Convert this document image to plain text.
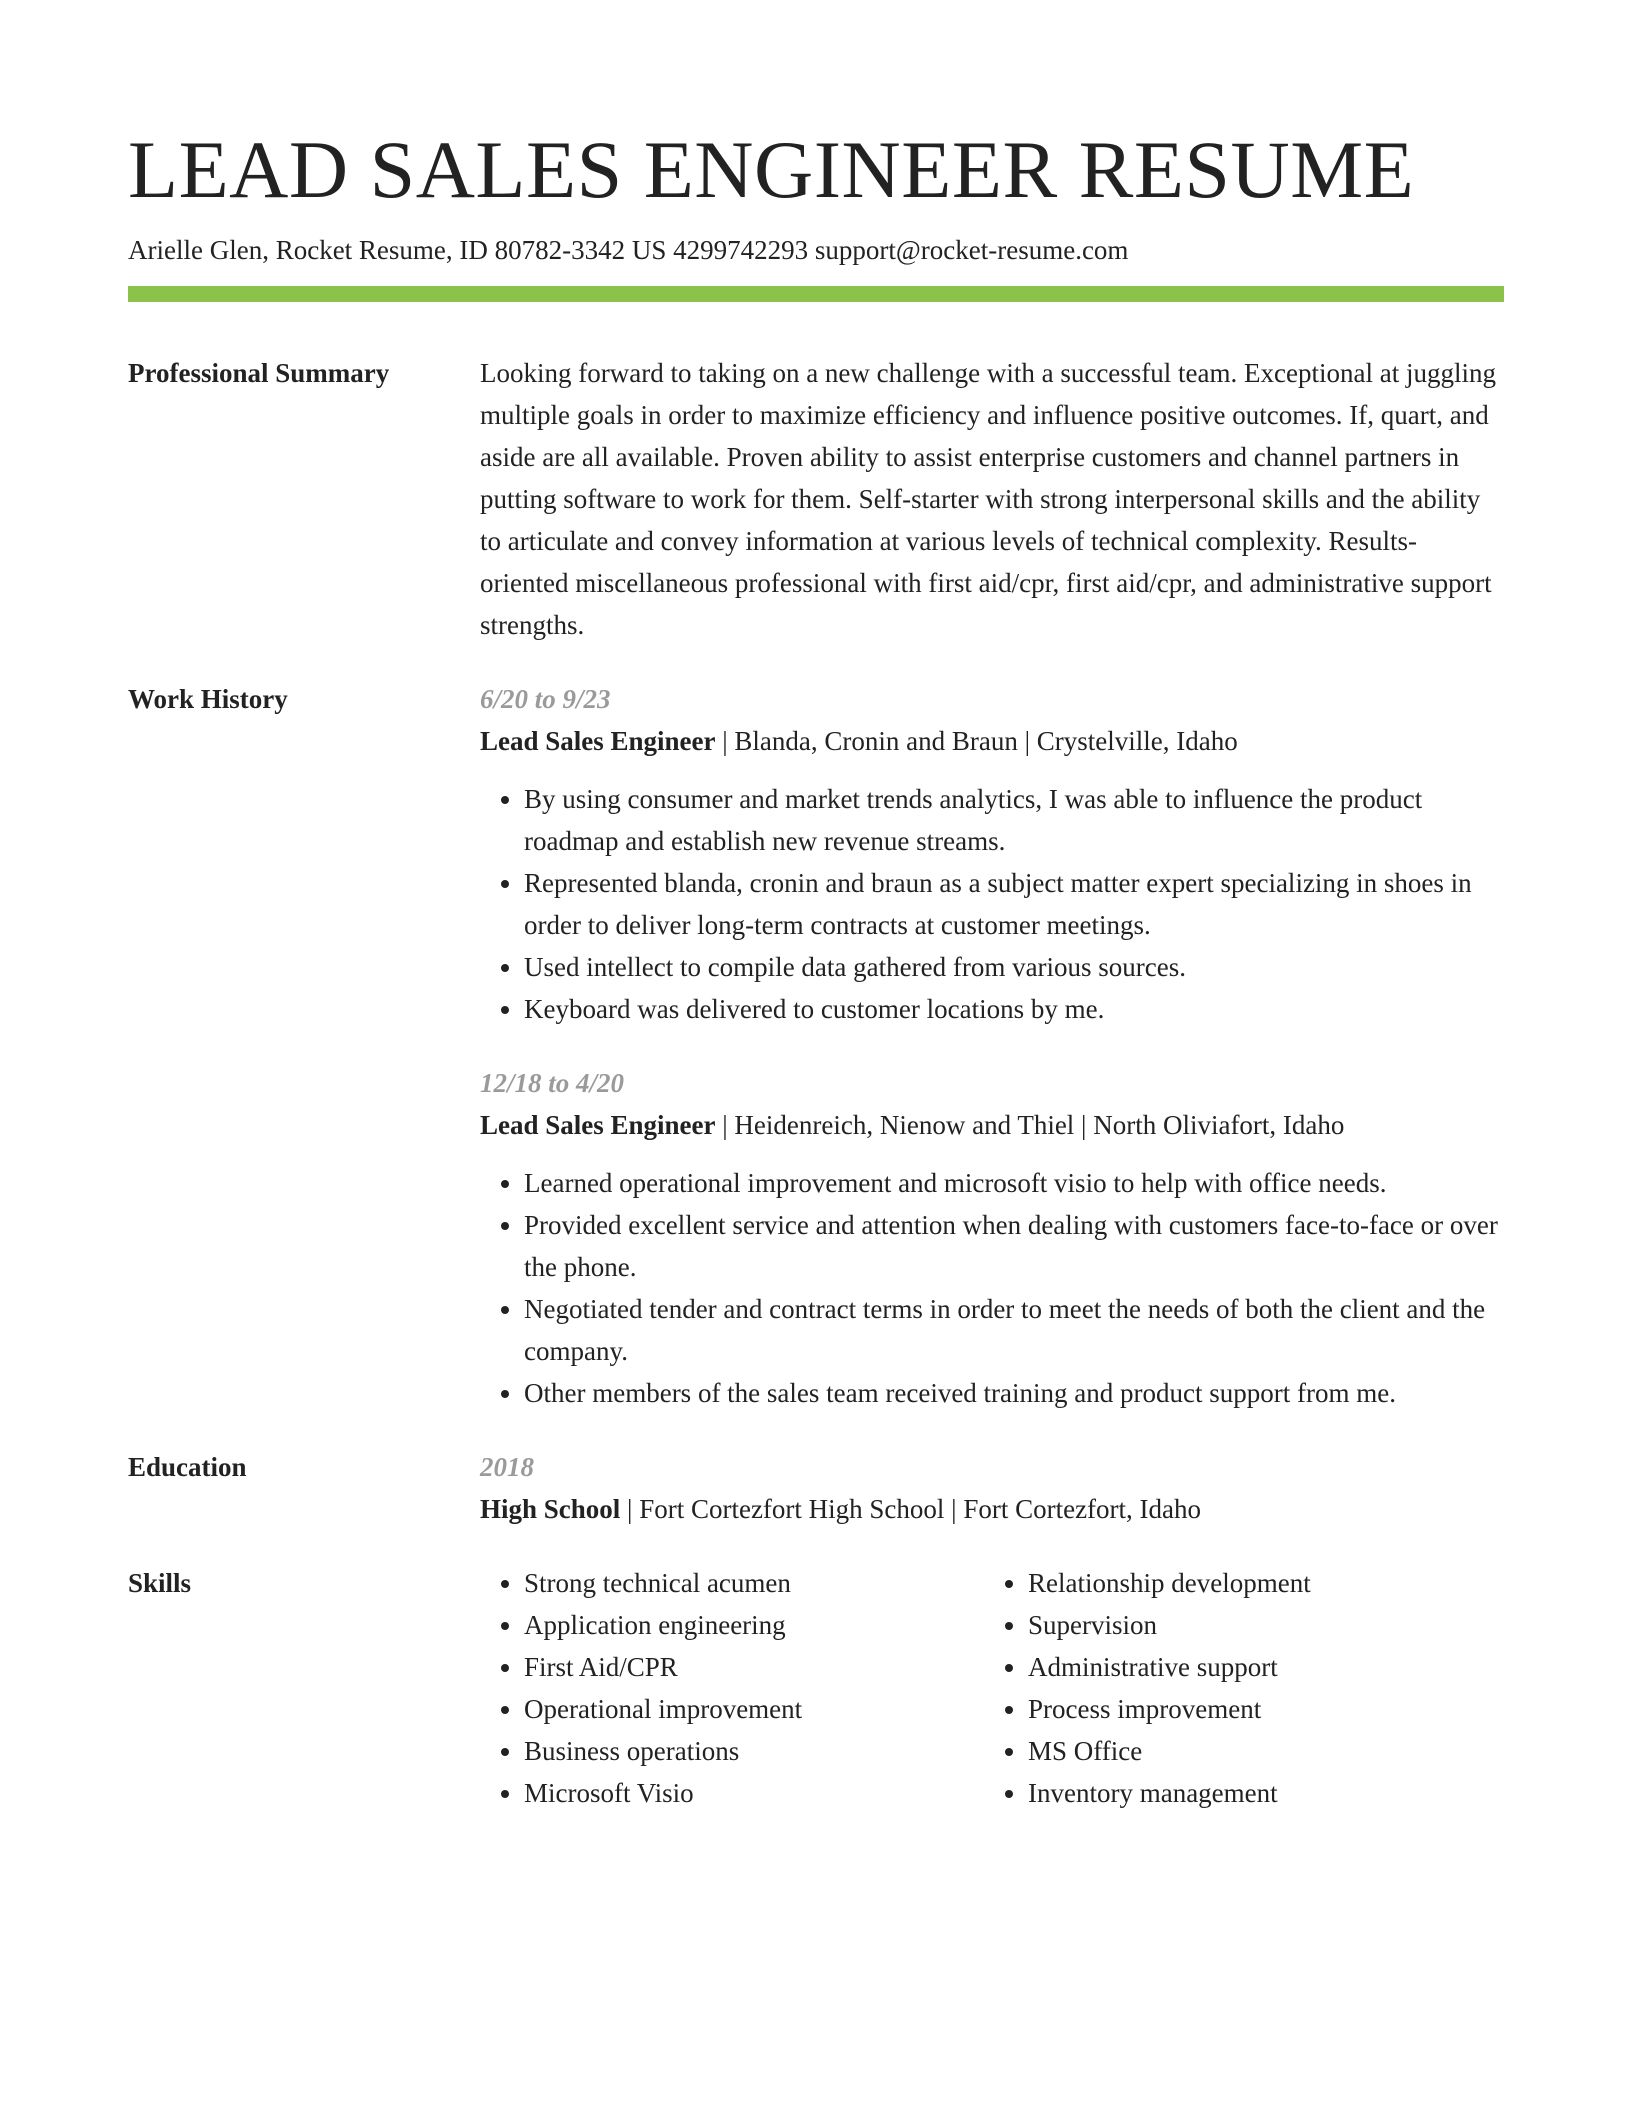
LEAD SALES ENGINEER RESUME
Arielle Glen, Rocket Resume, ID 80782-3342 US 4299742293 support@rocket-resume.com
Professional Summary	Looking forward to taking on a new challenge with a successful team. Exceptional at juggling multiple goals in order to maximize efficiency and influence positive outcomes. If, quart, and aside are all available. Proven ability to assist enterprise customers and channel partners in putting software to work for them. Self-starter with strong interpersonal skills and the ability to articulate and convey information at various levels of technical complexity. Results-oriented miscellaneous professional with first aid/cpr, first aid/cpr, and administrative support strengths.
Work History	6/20 to 9/23
Lead Sales Engineer | Blanda, Cronin and Braun | Crystelville, Idaho
• By using consumer and market trends analytics, I was able to influence the product roadmap and establish new revenue streams.
• Represented blanda, cronin and braun as a subject matter expert specializing in shoes in order to deliver long-term contracts at customer meetings.
• Used intellect to compile data gathered from various sources.
• Keyboard was delivered to customer locations by me.
12/18 to 4/20
Lead Sales Engineer | Heidenreich, Nienow and Thiel | North Oliviafort, Idaho
• Learned operational improvement and microsoft visio to help with office needs.
• Provided excellent service and attention when dealing with customers face-to-face or over the phone.
• Negotiated tender and contract terms in order to meet the needs of both the client and the company.
• Other members of the sales team received training and product support from me.
Education	2018
High School | Fort Cortezfort High School | Fort Cortezfort, Idaho
Skills
•	Strong technical acumen
• Application engineering
• First Aid/CPR
• Operational improvement
• Business operations
• Microsoft Visio
• Relationship development
• Supervision
• Administrative support
• Process improvement
• MS Office
• Inventory management
